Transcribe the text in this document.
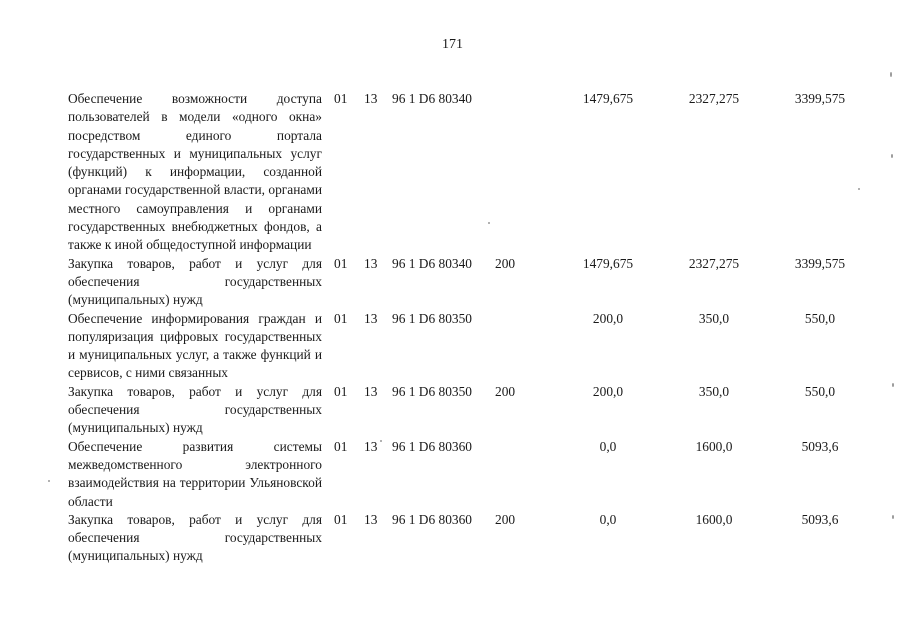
171
Обеспечение возможности доступа пользователей в модели «одного окна» посредством единого портала государственных и муниципальных услуг (функций) к информации, созданной органами государственной власти, органами местного самоуправления и органами государственных внебюджетных фондов, а также к иной общедоступной информации	01	13	96 1 D6 80340		1479,675	2327,275	3399,575
Закупка товаров, работ и услуг для обеспечения государственных (муниципальных) нужд	01	13	96 1 D6 80340	200	1479,675	2327,275	3399,575
Обеспечение информирования граждан и популяризация цифровых государственных и муниципальных услуг, а также функций и сервисов, с ними связанных	01	13	96 1 D6 80350		200,0	350,0	550,0
Закупка товаров, работ и услуг для обеспечения государственных (муниципальных) нужд	01	13	96 1 D6 80350	200	200,0	350,0	550,0
Обеспечение развития системы межведомственного электронного взаимодействия на территории Ульяновской области	01	13	96 1 D6 80360		0,0	1600,0	5093,6
Закупка товаров, работ и услуг для обеспечения государственных (муниципальных) нужд	01	13	96 1 D6 80360	200	0,0	1600,0	5093,6
